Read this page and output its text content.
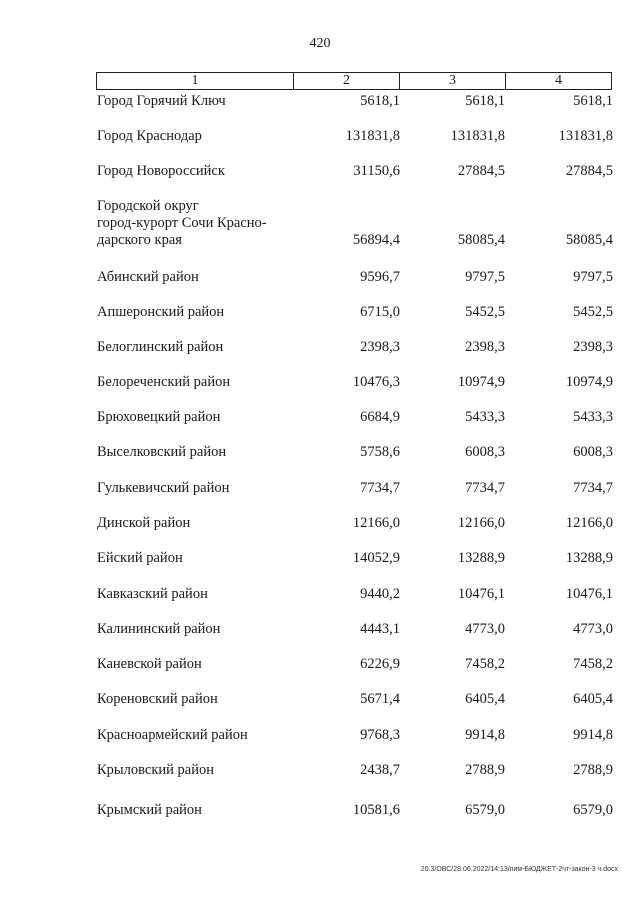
420
1	2	3	4
Город Горячий Ключ	5618,1	5618,1	5618,1
Город Краснодар	131831,8	131831,8	131831,8
Город Новороссийск	31150,6	27884,5	27884,5
Городской округ
город-курорт Сочи Красно-
дарского края	56894,4	58085,4	58085,4
Абинский район	9596,7	9797,5	9797,5
Апшеронский район	6715,0	5452,5	5452,5
Белоглинский район	2398,3	2398,3	2398,3
Белореченский район	10476,3	10974,9	10974,9
Брюховецкий район	6684,9	5433,3	5433,3
Выселковский район	5758,6	6008,3	6008,3
Гулькевичский район	7734,7	7734,7	7734,7
Динской район	12166,0	12166,0	12166,0
Ейский район	14052,9	13288,9	13288,9
Кавказский район	9440,2	10476,1	10476,1
Калининский район	4443,1	4773,0	4773,0
Каневской район	6226,9	7458,2	7458,2
Кореновский район	5671,4	6405,4	6405,4
Красноармейский район	9768,3	9914,8	9914,8
Крыловский район	2438,7	2788,9	2788,9
Крымский район	10581,6	6579,0	6579,0
20.3/ОВС/28.06.2022/14:13/пим-БЮДЖЕТ-2чт-закон-3 ч.docx
